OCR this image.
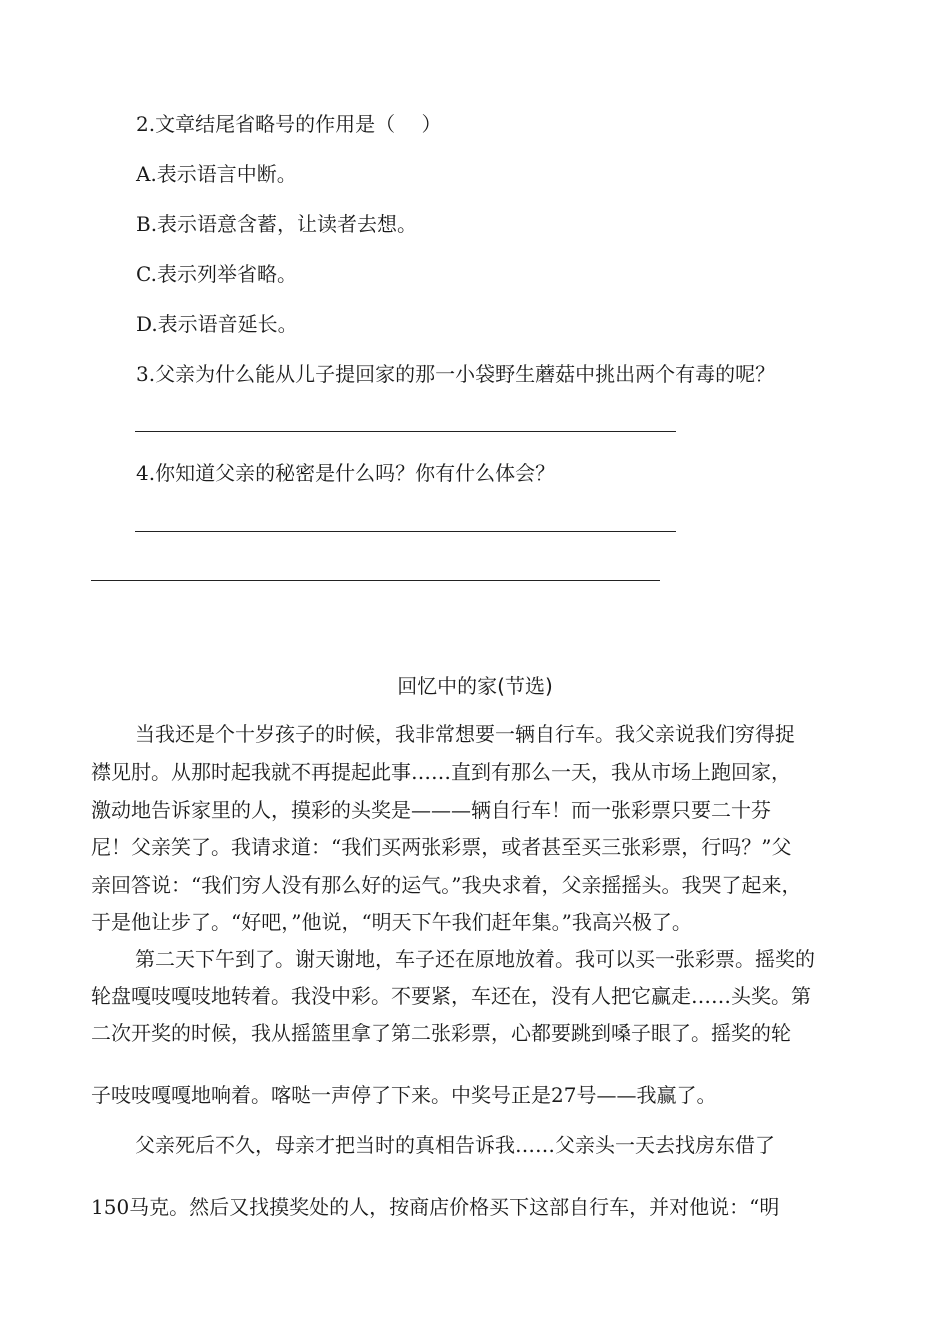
2.文章结尾省略号的作用是（　 ）
A.表示语言中断。
B.表示语意含蓄，让读者去想。
C.表示列举省略。
D.表示语音延长。
3.父亲为什么能从儿子提回家的那一小袋野生蘑菇中挑出两个有毒的呢？
4.你知道父亲的秘密是什么吗？你有什么体会？
回忆中的家(节选)
当我还是个十岁孩子的时候，我非常想要一辆自行车。我父亲说我们穷得捉
襟见肘。从那时起我就不再提起此事……直到有那么一天，我从市场上跑回家，
激动地告诉家里的人，摸彩的头奖是———辆自行车！而一张彩票只要二十芬
尼！父亲笑了。我请求道：“我们买两张彩票，或者甚至买三张彩票，行吗？”父
亲回答说：“我们穷人没有那么好的运气。”我央求着，父亲摇摇头。我哭了起来，
于是他让步了。“好吧，”他说，“明天下午我们赶年集。”我高兴极了。
第二天下午到了。谢天谢地，车子还在原地放着。我可以买一张彩票。摇奖的
轮盘嘎吱嘎吱地转着。我没中彩。不要紧，车还在，没有人把它赢走……头奖。第
二次开奖的时候，我从摇篮里拿了第二张彩票，心都要跳到嗓子眼了。摇奖的轮
子吱吱嘎嘎地响着。喀哒一声停了下来。中奖号正是27号——我赢了。
父亲死后不久，母亲才把当时的真相告诉我……父亲头一天去找房东借了
150马克。然后又找摸奖处的人，按商店价格买下这部自行车，并对他说：“明
